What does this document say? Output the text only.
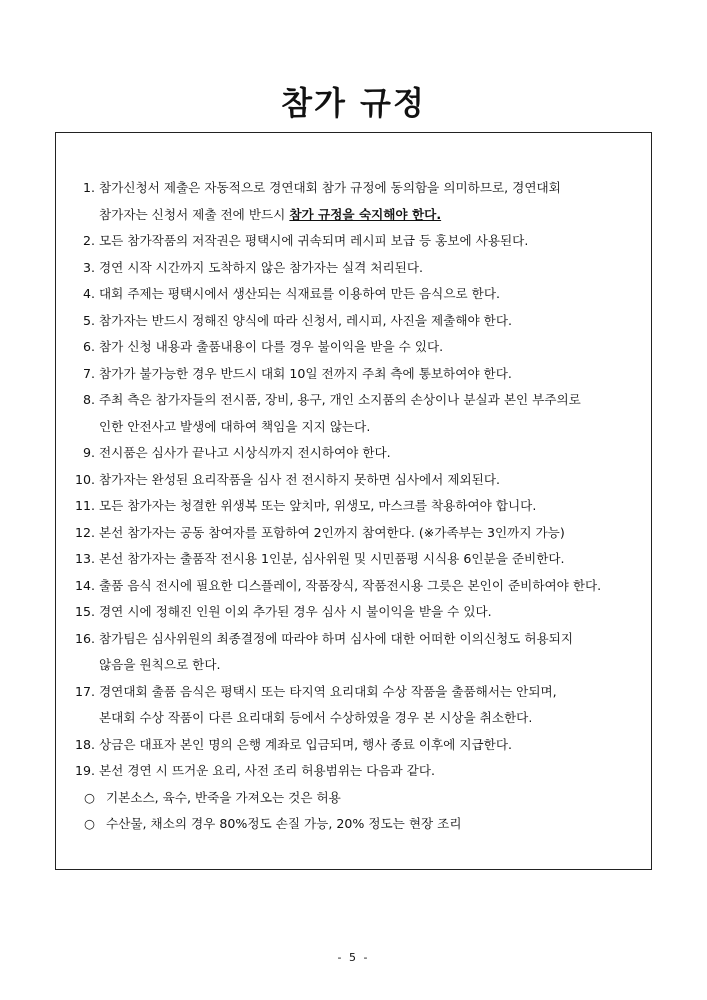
참가 규정
1. 참가신청서 제출은 자동적으로 경연대회 참가 규정에 동의함을 의미하므로, 경연대회
참가자는 신청서 제출 전에 반드시 참가 규정을 숙지해야 한다.
2. 모든 참가작품의 저작권은 평택시에 귀속되며 레시피 보급 등 홍보에 사용된다.
3. 경연 시작 시간까지 도착하지 않은 참가자는 실격 처리된다.
4. 대회 주제는 평택시에서 생산되는 식재료를 이용하여 만든 음식으로 한다.
5. 참가자는 반드시 정해진 양식에 따라 신청서, 레시피, 사진을 제출해야 한다.
6. 참가 신청 내용과 출품내용이 다를 경우 불이익을 받을 수 있다.
7. 참가가 불가능한 경우 반드시 대회 10일 전까지 주최 측에 통보하여야 한다.
8. 주최 측은 참가자들의 전시품, 장비, 용구, 개인 소지품의 손상이나 분실과 본인 부주의로
인한 안전사고 발생에 대하여 책임을 지지 않는다.
9. 전시품은 심사가 끝나고 시상식까지 전시하여야 한다.
10. 참가자는 완성된 요리작품을 심사 전 전시하지 못하면 심사에서 제외된다.
11. 모든 참가자는 청결한 위생복 또는 앞치마, 위생모, 마스크를 착용하여야 합니다.
12. 본선 참가자는 공동 참여자를 포함하여 2인까지 참여한다. (※가족부는 3인까지 가능)
13. 본선 참가자는 출품작 전시용 1인분, 심사위원 및 시민품평 시식용 6인분을 준비한다.
14. 출품 음식 전시에 필요한 디스플레이, 작품장식, 작품전시용 그릇은 본인이 준비하여야 한다.
15. 경연 시에 정해진 인원 이외 추가된 경우 심사 시 불이익을 받을 수 있다.
16. 참가팀은 심사위원의 최종결정에 따라야 하며 심사에 대한 어떠한 이의신청도 허용되지
않음을 원칙으로 한다.
17. 경연대회 출품 음식은 평택시 또는 타지역 요리대회 수상 작품을 출품해서는 안되며,
본대회 수상 작품이 다른 요리대회 등에서 수상하였을 경우 본 시상을 취소한다.
18. 상금은 대표자 본인 명의 은행 계좌로 입금되며, 행사 종료 이후에 지급한다.
19. 본선 경연 시 뜨거운 요리, 사전 조리 허용범위는 다음과 같다.
○ 기본소스, 육수, 반죽을 가져오는 것은 허용
○ 수산물, 채소의 경우 80%정도 손질 가능, 20% 정도는 현장 조리
- 5 -
